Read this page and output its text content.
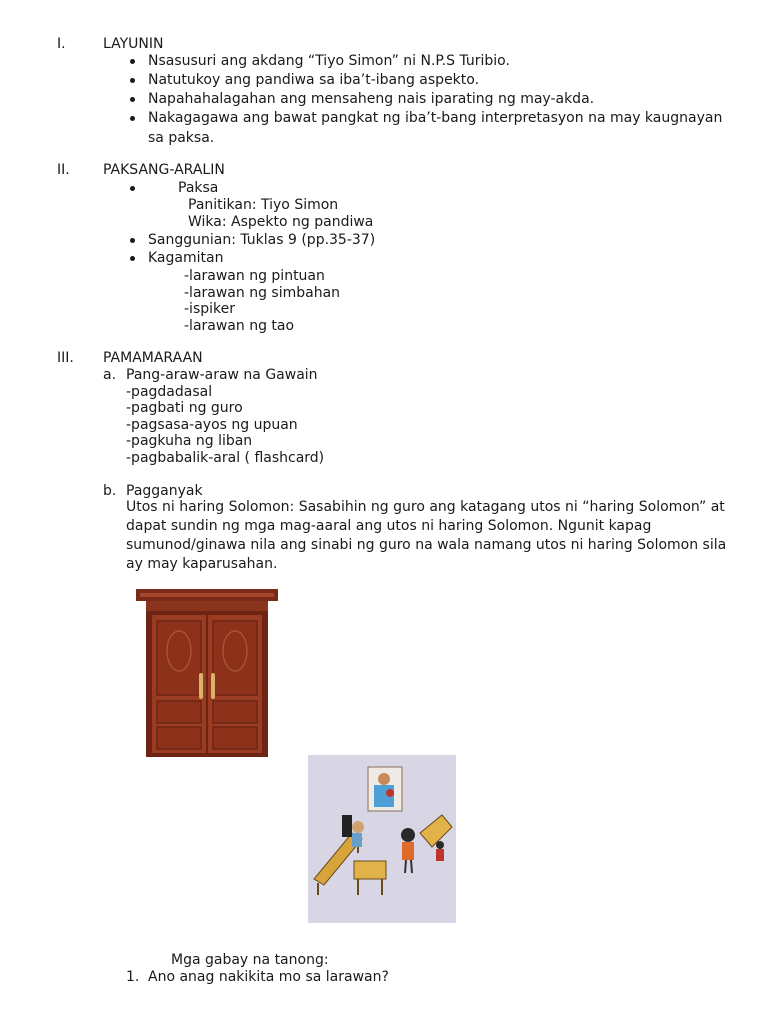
I.	LAYUNIN
Nsasusuri ang akdang “Tiyo Simon” ni N.P.S Turibio.
Natutukoy ang pandiwa sa iba’t-ibang aspekto.
Napahahalagahan ang mensaheng nais iparating ng may-akda.
Nakagagawa ang bawat pangkat ng iba’t-bang interpretasyon na may kaugnayan
sa paksa.
II. PAKSANG-ARALIN
Paksa
Panitikan: Tiyo Simon
Wika: Aspekto ng pandiwa
Sanggunian: Tuklas 9 (pp.35-37)
Kagamitan
-larawan ng pintuan
-larawan ng simbahan
-ispiker
-larawan ng tao
III. PAMAMARAAN
a. Pang-araw-araw na Gawain
-pagdadasal
-pagbati ng guro
-pagsasa-ayos ng upuan
-pagkuha ng liban
-pagbabalik-aral ( flashcard)
b. Pagganyak
Utos ni haring Solomon: Sasabihin ng guro ang katagang utos ni “haring Solomon” at
dapat sundin ng mga mag-aaral ang utos ni haring Solomon. Ngunit kapag
sumunod/ginawa nila ang sinabi ng guro na wala namang utos ni haring Solomon sila
ay may kaparusahan.
Mga gabay na tanong:
1. Ano anag nakikita mo sa larawan?
